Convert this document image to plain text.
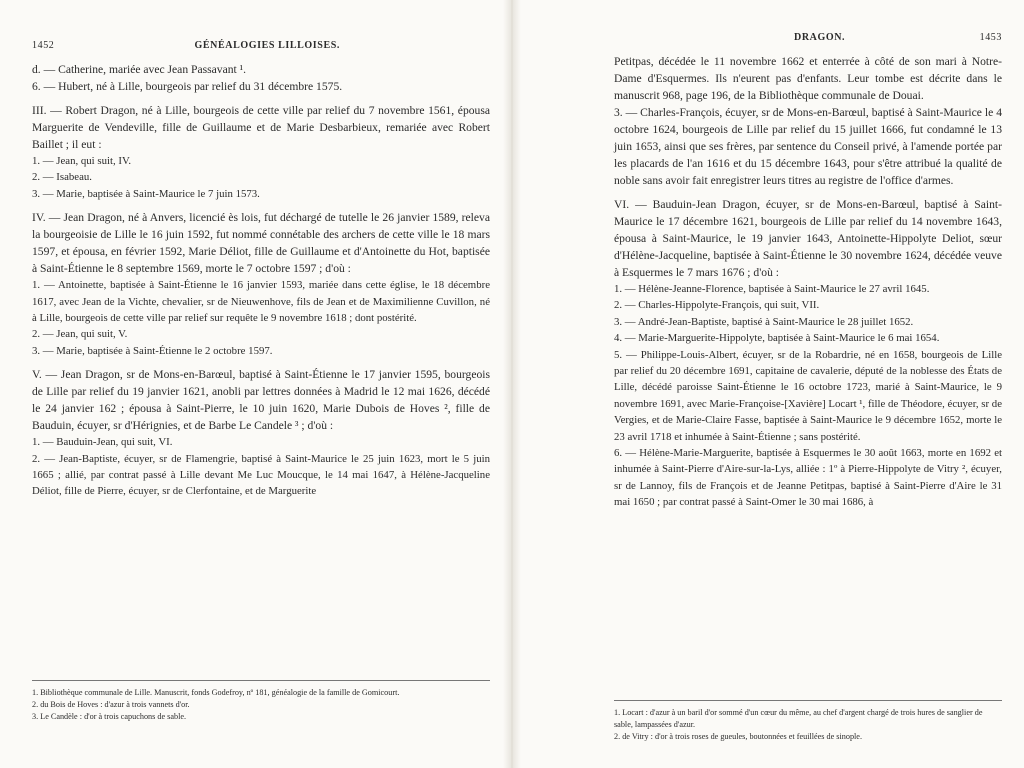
1452	GÉNÉALOGIES LILLOISES.

d. — Catherine, mariée avec Jean Passavant ¹.

6. — Hubert, né à Lille, bourgeois par relief du 31 décembre 1575.

III. — Robert Dragon, né à Lille, bourgeois de cette ville par relief du 7 novembre 1561, épousa Marguerite de Vendeville, fille de Guillaume et de Marie Desbarbieux, remariée avec Robert Baillet ; il eut :

1. — Jean, qui suit, IV.

2. — Isabeau.

3. — Marie, baptisée à Saint-Maurice le 7 juin 1573.

IV. — Jean Dragon, né à Anvers, licencié ès lois, fut déchargé de tutelle le 26 janvier 1589, releva la bourgeoisie de Lille le 16 juin 1592, fut nommé connétable des archers de cette ville le 18 mars 1597, et épousa, en février 1592, Marie Déliot, fille de Guillaume et d'Antoinette du Hot, baptisée à Saint-Étienne le 8 septembre 1569, morte le 7 octobre 1597 ; d'où :

1. — Antoinette, baptisée à Saint-Étienne le 16 janvier 1593, mariée dans cette église, le 18 décembre 1617, avec Jean de la Vichte, chevalier, sr de Nieuwenhove, fils de Jean et de Maximilienne Cuvillon, né à Lille, bourgeois de cette ville par relief sur requête le 9 novembre 1618 ; dont postérité.

2. — Jean, qui suit, V.

3. — Marie, baptisée à Saint-Étienne le 2 octobre 1597.

V. — Jean Dragon, sr de Mons-en-Barœul, baptisé à Saint-Étienne le 17 janvier 1595, bourgeois de Lille par relief du 19 janvier 1621, anobli par lettres données à Madrid le 12 mai 1626, décédé le 24 janvier 162 ; épousa à Saint-Pierre, le 10 juin 1620, Marie Dubois de Hoves ², fille de Bauduin, écuyer, sr d'Hérignies, et de Barbe Le Candele ³ ; d'où :

1. — Bauduin-Jean, qui suit, VI.

2. — Jean-Baptiste, écuyer, sr de Flamengrie, baptisé à Saint-Maurice le 25 juin 1623, mort le 5 juin 1665 ; allié, par contrat passé à Lille devant Me Luc Moucque, le 14 mai 1647, à Hélène-Jacqueline Déliot, fille de Pierre, écuyer, sr de Clerfontaine, et de Marguerite

1. Bibliothèque communale de Lille. Manuscrit, fonds Godefroy, nº 181, généalogie de la famille de Gomicourt.

2. du Bois de Hoves : d'azur à trois vannets d'or.

3. Le Candèle : d'or à trois capuchons de sable.

DRAGON.	1453

Petitpas, décédée le 11 novembre 1662 et enterrée à côté de son mari à Notre-Dame d'Esquermes. Ils n'eurent pas d'enfants. Leur tombe est décrite dans le manuscrit 968, page 196, de la Bibliothèque communale de Douai.

3. — Charles-François, écuyer, sr de Mons-en-Barœul, baptisé à Saint-Maurice le 4 octobre 1624, bourgeois de Lille par relief du 15 juillet 1666, fut condamné le 13 juin 1653, ainsi que ses frères, par sentence du Conseil privé, à l'amende portée par les placards de l'an 1616 et du 15 décembre 1643, pour s'être attribué la qualité de noble sans avoir fait enregistrer leurs titres au registre de l'office d'armes.

VI. — Bauduin-Jean Dragon, écuyer, sr de Mons-en-Barœul, baptisé à Saint-Maurice le 17 décembre 1621, bourgeois de Lille par relief du 14 novembre 1643, épousa à Saint-Maurice, le 19 janvier 1643, Antoinette-Hippolyte Deliot, sœur d'Hélène-Jacqueline, baptisée à Saint-Étienne le 30 novembre 1624, décédée veuve à Esquermes le 7 mars 1676 ; d'où :

1. — Hélène-Jeanne-Florence, baptisée à Saint-Maurice le 27 avril 1645.

2. — Charles-Hippolyte-François, qui suit, VII.

3. — André-Jean-Baptiste, baptisé à Saint-Maurice le 28 juillet 1652.

4. — Marie-Marguerite-Hippolyte, baptisée à Saint-Maurice le 6 mai 1654.

5. — Philippe-Louis-Albert, écuyer, sr de la Robardrie, né en 1658, bourgeois de Lille par relief du 20 décembre 1691, capitaine de cavalerie, député de la noblesse des États de Lille, décédé paroisse Saint-Étienne le 16 octobre 1723, marié à Saint-Maurice, le 9 novembre 1691, avec Marie-Françoise-[Xavière] Locart ¹, fille de Théodore, écuyer, sr de Vergies, et de Marie-Claire Fasse, baptisée à Saint-Maurice le 9 décembre 1652, morte le 23 avril 1718 et inhumée à Saint-Étienne ; sans postérité.

6. — Hélène-Marie-Marguerite, baptisée à Esquermes le 30 août 1663, morte en 1692 et inhumée à Saint-Pierre d'Aire-sur-la-Lys, alliée : 1º à Pierre-Hippolyte de Vitry ², écuyer, sr de Lannoy, fils de François et de Jeanne Petitpas, baptisé à Saint-Pierre d'Aire le 31 mai 1650 ; par contrat passé à Saint-Omer le 30 mai 1686, à

1. Locart : d'azur à un baril d'or sommé d'un cœur du même, au chef d'argent chargé de trois hures de sanglier de sable, lampassées d'azur.

2. de Vitry : d'or à trois roses de gueules, boutonnées et feuillées de sinople.
